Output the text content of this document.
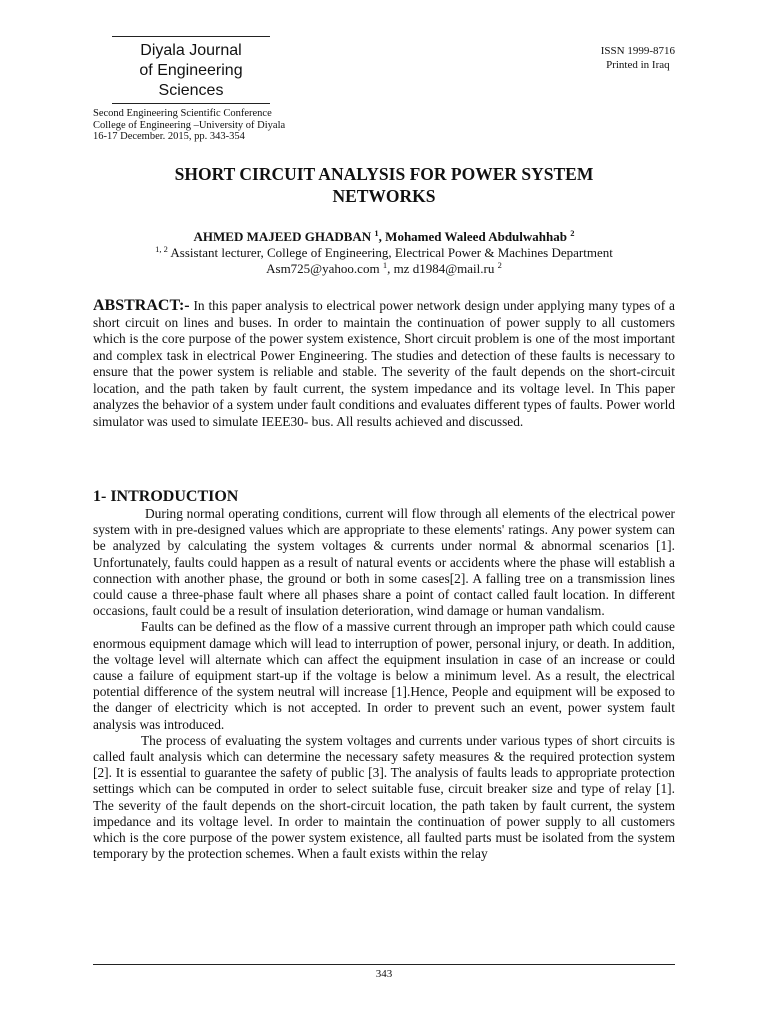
Diyala Journal
of Engineering
Sciences
ISSN 1999-8716
Printed in Iraq
Second Engineering Scientific Conference
College of Engineering –University of Diyala
16-17 December. 2015, pp. 343-354
SHORT CIRCUIT ANALYSIS FOR POWER SYSTEM
NETWORKS
AHMED MAJEED GHADBAN $^1$, Mohamed Waleed Abdulwahhab $^2$
$^{1, 2}$ Assistant lecturer, College of Engineering, Electrical Power & Machines Department
Asm725@yahoo.com $^1$, mz d1984@mail.ru $^2$
ABSTRACT:- In this paper analysis to electrical power network design under applying many types of a short circuit on lines and buses. In order to maintain the continuation of power supply to all customers which is the core purpose of the power system existence, Short circuit problem is one of the most important and complex task in electrical Power Engineering. The studies and detection of these faults is necessary to ensure that the power system is reliable and stable. The severity of the fault depends on the short-circuit location, and the path taken by fault current, the system impedance and its voltage level. In This paper analyzes the behavior of a system under fault conditions and evaluates different types of faults. Power world simulator was used to simulate IEEE30- bus. All results achieved and discussed.
1- INTRODUCTION

During normal operating conditions, current will flow through all elements of the electrical power system with in pre-designed values which are appropriate to these elements' ratings. Any power system can be analyzed by calculating the system voltages & currents under normal & abnormal scenarios [1]. Unfortunately, faults could happen as a result of natural events or accidents where the phase will establish a connection with another phase, the ground or both in some cases[2]. A falling tree on a transmission lines could cause a three-phase fault where all phases share a point of contact called fault location. In different occasions, fault could be a result of insulation deterioration, wind damage or human vandalism.

Faults can be defined as the flow of a massive current through an improper path which could cause enormous equipment damage which will lead to interruption of power, personal injury, or death. In addition, the voltage level will alternate which can affect the equipment insulation in case of an increase or could cause a failure of equipment start-up if the voltage is below a minimum level. As a result, the electrical potential difference of the system neutral will increase [1].Hence, People and equipment will be exposed to the danger of electricity which is not accepted. In order to prevent such an event, power system fault analysis was introduced.

The process of evaluating the system voltages and currents under various types of short circuits is called fault analysis which can determine the necessary safety measures & the required protection system [2]. It is essential to guarantee the safety of public [3]. The analysis of faults leads to appropriate protection settings which can be computed in order to select suitable fuse, circuit breaker size and type of relay [1]. The severity of the fault depends on the short-circuit location, the path taken by fault current, the system impedance and its voltage level. In order to maintain the continuation of power supply to all customers which is the core purpose of the power system existence, all faulted parts must be isolated from the system temporary by the protection schemes. When a fault exists within the relay

343
